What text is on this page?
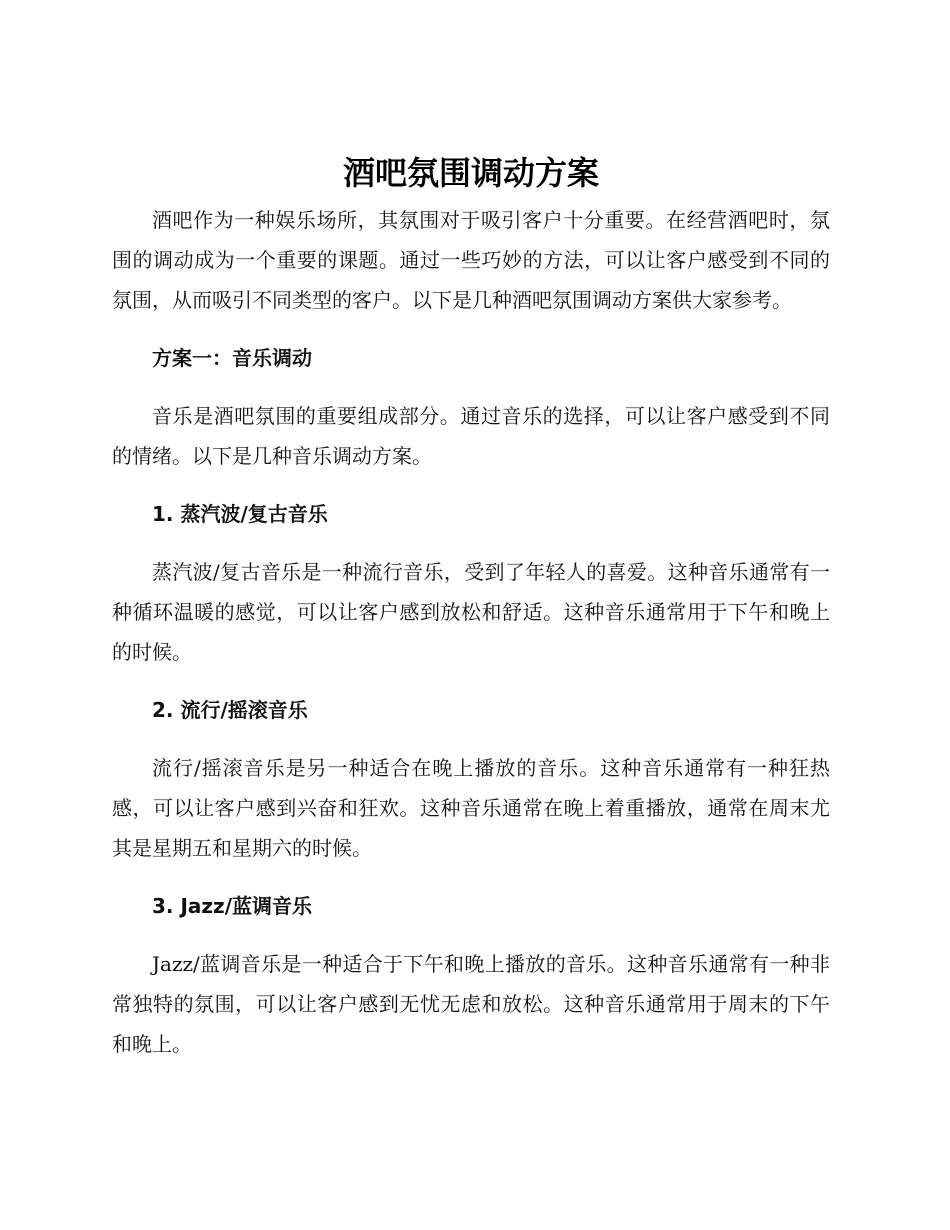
酒吧氛围调动方案

酒吧作为一种娱乐场所，其氛围对于吸引客户十分重要。在经营酒吧时，氛围的调动成为一个重要的课题。通过一些巧妙的方法，可以让客户感受到不同的氛围，从而吸引不同类型的客户。以下是几种酒吧氛围调动方案供大家参考。

方案一：音乐调动

音乐是酒吧氛围的重要组成部分。通过音乐的选择，可以让客户感受到不同的情绪。以下是几种音乐调动方案。

1. 蒸汽波/复古音乐

蒸汽波/复古音乐是一种流行音乐，受到了年轻人的喜爱。这种音乐通常有一种循环温暖的感觉，可以让客户感到放松和舒适。这种音乐通常用于下午和晚上的时候。

2. 流行/摇滚音乐

流行/摇滚音乐是另一种适合在晚上播放的音乐。这种音乐通常有一种狂热感，可以让客户感到兴奋和狂欢。这种音乐通常在晚上着重播放，通常在周末尤其是星期五和星期六的时候。

3. Jazz/蓝调音乐

Jazz/蓝调音乐是一种适合于下午和晚上播放的音乐。这种音乐通常有一种非常独特的氛围，可以让客户感到无忧无虑和放松。这种音乐通常用于周末的下午和晚上。
